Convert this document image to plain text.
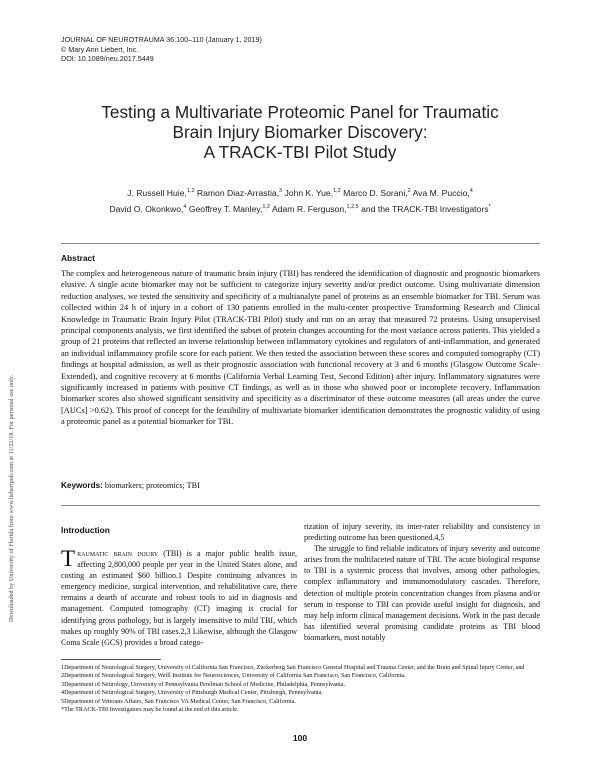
JOURNAL OF NEUROTRAUMA 36:100–110 (January 1, 2019)
© Mary Ann Liebert, Inc.
DOI: 10.1089/neu.2017.5449
Downloaded by University of Florida from www.liebertpub.com at 11/22/18. For personal use only.
Testing a Multivariate Proteomic Panel for Traumatic
Brain Injury Biomarker Discovery:
A TRACK-TBI Pilot Study
J. Russell Huie,$^{1,2}$ Ramon Diaz-Arrastia,$^3$ John K. Yue,$^{1,2}$ Marco D. Sorani,$^2$ Ava M. Puccio,$^4$
David O. Okonkwo,$^4$ Geoffrey T. Manley,$^{1,2}$ Adam R. Ferguson,$^{1,2,5}$ and the TRACK-TBI Investigators*
Abstract
The complex and heterogeneous nature of traumatic brain injury (TBI) has rendered the identification of diagnostic and prognostic biomarkers elusive. A single acute biomarker may not be sufficient to categorize injury severity and/or predict outcome. Using multivariate dimension reduction analyses, we tested the sensitivity and specificity of a multianalyte panel of proteins as an ensemble biomarker for TBI. Serum was collected within 24 h of injury in a cohort of 130 patients enrolled in the multi-center prospective Transforming Research and Clinical Knowledge in Traumatic Brain Injury Pilot (TRACK-TBI Pilot) study and run on an array that measured 72 proteins. Using unsupervised principal components analysis, we first identified the subset of protein changes accounting for the most variance across patients. This yielded a group of 21 proteins that reflected an inverse relationship between inflammatory cytokines and regulators of anti-inflammation, and generated an individual inflammatory profile score for each patient. We then tested the association between these scores and computed tomography (CT) findings at hospital admission, as well as their prognostic association with functional recovery at 3 and 6 months (Glasgow Outcome Scale-Extended), and cognitive recovery at 6 months (California Verbal Learning Test, Second Edition) after injury. Inflammatory signatures were significantly increased in patients with positive CT findings, as well as in those who showed poor or incomplete recovery. Inflammation biomarker scores also showed significant sensitivity and specificity as a discriminator of these outcome measures (all areas under the curve [AUCs] >0.62). This proof of concept for the feasibility of multivariate biomarker identification demonstrates the prognostic validity of using a proteomic panel as a potential biomarker for TBI.
Keywords: biomarkers; proteomics; TBI
Introduction
Traumatic brain injury (TBI) is a major public health issue, affecting 2,800,000 people per year in the United States alone, and costing an estimated $60 billion.1 Despite continuing advances in emergency medicine, surgical intervention, and rehabilitative care, there remains a dearth of accurate and robust tools to aid in diagnosis and management. Computed tomography (CT) imaging is crucial for identifying gross pathology, but is largely insensitive to mild TBI, which makes up roughly 90% of TBI cases.2,3 Likewise, although the Glasgow Coma Scale (GCS) provides a broad catego-
rization of injury severity, its inter-rater reliability and consistency in predicting outcome has been questioned.4,5
The struggle to find reliable indicators of injury severity and outcome arises from the multifaceted nature of TBI. The acute biological response to TBI is a systemic process that involves, among other pathologies, complex inflammatory and immunomodulatory cascades. Therefore, detection of multiple protein concentration changes from plasma and/or serum in response to TBI can provide useful insight for diagnosis, and may help inform clinical management decisions. Work in the past decade has identified several promising candidate proteins as TBI blood biomarkers, most notably
1Department of Neurological Surgery, University of California San Francisco, Zuckerberg San Francisco General Hospital and Trauma Center, and the Brain and Spinal Injury Center, and 2Department of Neurological Surgery, Weill Institute for Neurosciences, University of California San Francisco, San Francisco, California.
3Department of Neurology, University of Pennsylvania Perelman School of Medicine, Philadelphia, Pennsylvania.
4Department of Neurological Surgery, University of Pittsburgh Medical Center, Pittsburgh, Pennsylvania.
5Department of Veterans Affairs, San Francisco VA Medical Center, San Francisco, California.
*The TRACK-TBI Investigators may be found at the end of this article.
100
